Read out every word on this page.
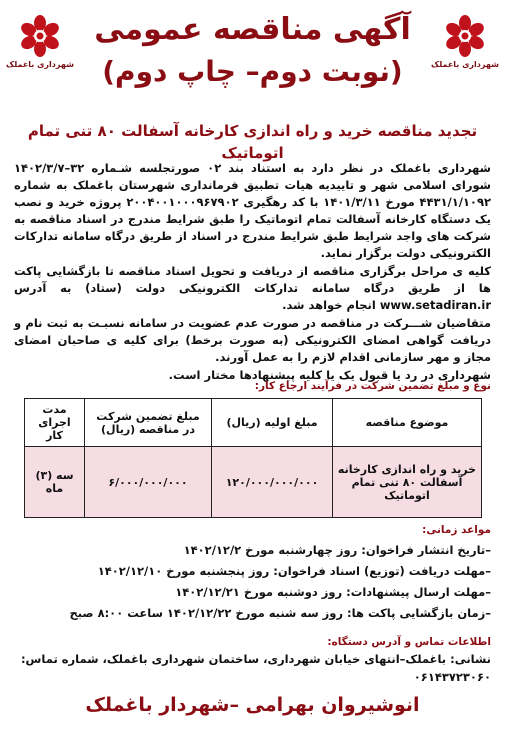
شهرداری باغملک
شهرداری باغملک
آگهی مناقصه عمومی
(نوبت دوم– چاپ دوم)
تجدید مناقصه خرید و راه اندازی کارخانه آسفالت ۸۰ تنی تمام اتوماتیک

شهرداری باغملک در نظر دارد به استناد بند ۰۲ صورتجلسه شـماره ۳۲–۱۴۰۲/۳/۷ شورای اسلامی شهر و تاییدیه هیات تطبیق فرمانداری شهرستان باغملک به شماره ۴۴۳۱/۱/۱۰۹۲ مورخ ۱۴۰۱/۳/۱۱ با کد رهگیری ۲۰۰۴۰۰۱۰۰۰۹۶۷۹۰۲ پروژه خرید و نصب یک دستگاه کارخانه آسفالت تمام اتوماتیک را طبق شرایط مندرج در اسناد مناقصه به شرکت های واجد شرایط طبق شرایط مندرج در اسناد از طریق درگاه سامانه تدارکات الکترونیکی دولت برگزار نماید.

کلیه ی مراحل برگزاری مناقصه از دریافت و تحویل اسناد مناقصه تا بازگشایی پاکت ها از طریق درگاه سامانه تدارکات الکترونیکی دولت (ستاد) به آدرس www.setadiran.ir انجام خواهد شد.

متقاضیان شـــرکت در مناقصه در صورت عدم عضویت در سامانه نسبـت به ثبت نام و دریافت گواهی امضای الکترونیکی (به صورت برخط) برای کلیه ی صاحبان امضای مجاز و مهر سازمانی اقدام لازم را به عمل آورند.

شهرداری در رد یا قبول یک یا کلیه پیشنهادها مختار است.

نوع و مبلغ تضمین شرکت در فرآیند ارجاع کار:
موضوع مناقصه	مبلغ اولیه (ریال)	مبلغ تضمین شرکت در مناقصه (ریال)	مدت اجرای کار
خرید و راه اندازی کارخانه آسفالت ۸۰ تنی تمام اتوماتیک	۱۲۰/۰۰۰/۰۰۰/۰۰۰	۶/۰۰۰/۰۰۰/۰۰۰	سه (۳) ماه
مواعد زمانی:
–تاریخ انتشار فراخوان: روز چهارشنبه مورخ ۱۴۰۲/۱۲/۲
–مهلت دریافت (توزیع) اسناد فراخوان: روز پنجشنبه مورخ ۱۴۰۲/۱۲/۱۰
–مهلت ارسال پیشنهادات: روز دوشنبه مورخ ۱۴۰۲/۱۲/۲۱
–زمان بازگشایی پاکت ها: روز سه شنبه مورخ ۱۴۰۲/۱۲/۲۲ ساعت ۸:۰۰ صبح
اطلاعات تماس و آدرس دستگاه:
نشانی: باغملک–انتهای خیابان شهرداری، ساختمان شهرداری باغملک، شماره تماس: ۰۶۱۴۳۷۲۳۰۶۰
انوشیروان بهرامی –شهردار باغملک
